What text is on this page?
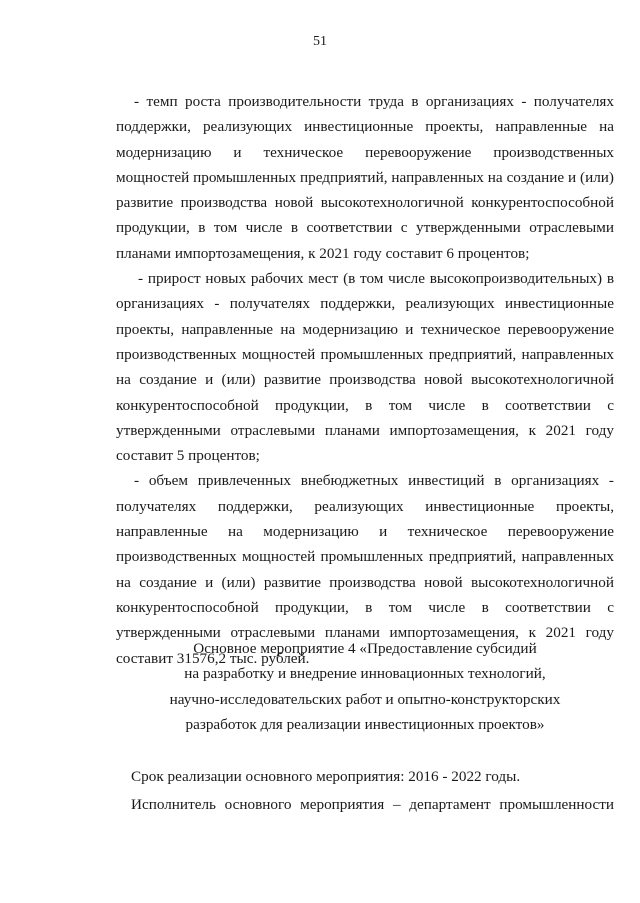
51

- темп роста производительности труда в организациях - получателях поддержки, реализующих инвестиционные проекты, направленные на модернизацию и техническое перевооружение производственных мощностей промышленных предприятий, направленных на создание и (или) развитие производства новой высокотехнологичной конкурентоспособной продукции, в том числе в соответствии с утвержденными отраслевыми планами импортозамещения, к 2021 году составит 6 процентов;

- прирост новых рабочих мест (в том числе высокопроизводительных) в организациях - получателях поддержки, реализующих инвестиционные проекты, направленные на модернизацию и техническое перевооружение производственных мощностей промышленных предприятий, направленных на создание и (или) развитие производства новой высокотехнологичной конкурентоспособной продукции, в том числе в соответствии с утвержденными отраслевыми планами импортозамещения, к 2021 году составит 5 процентов;

- объем привлеченных внебюджетных инвестиций в организациях - получателях поддержки, реализующих инвестиционные проекты, направленные на модернизацию и техническое перевооружение производственных мощностей промышленных предприятий, направленных на создание и (или) развитие производства новой высокотехнологичной конкурентоспособной продукции, в том числе в соответствии с утвержденными отраслевыми планами импортозамещения, к 2021 году составит 31576,2 тыс. рублей.

Основное мероприятие 4 «Предоставление субсидий
на разработку и внедрение инновационных технологий,
научно-исследовательских работ и опытно-конструкторских
разработок для реализации инвестиционных проектов»

Срок реализации основного мероприятия: 2016 - 2022 годы.

Исполнитель основного мероприятия – департамент промышленности
